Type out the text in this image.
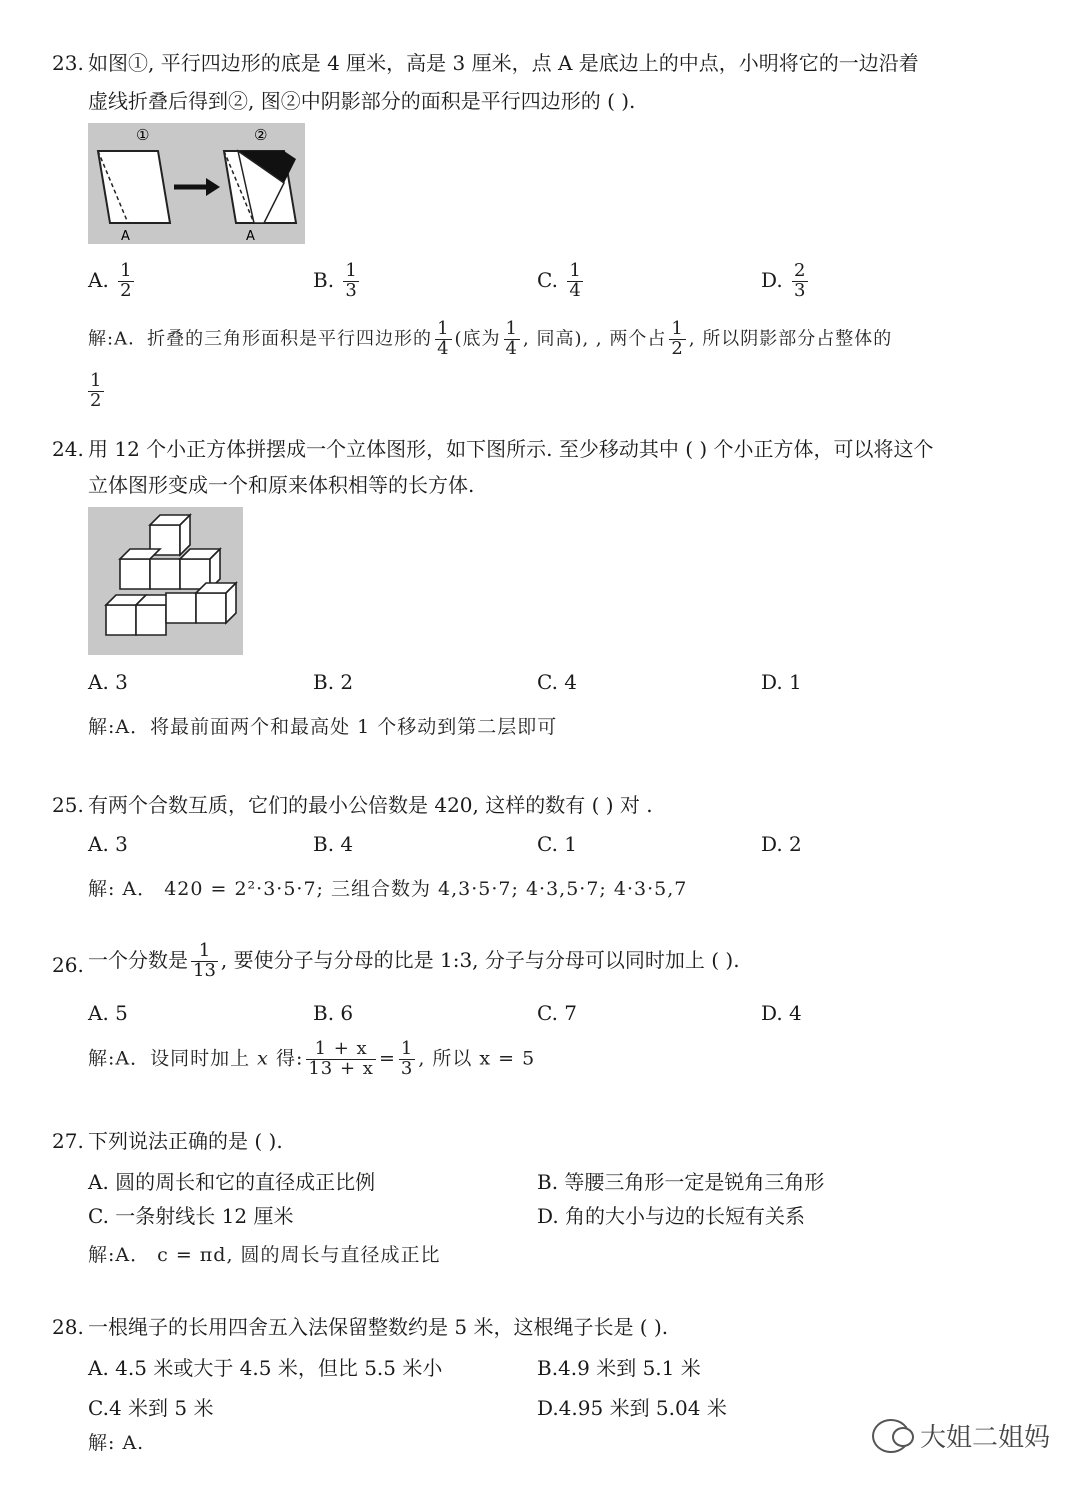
23. 如图①, 平行四边形的底是 4 厘米，高是 3 厘米，点 A 是底边上的中点，小明将它的一边沿着
虚线折叠后得到②, 图②中阴影部分的面积是平行四边形的 ( ).
①
A
②
A
A. $\frac{1}{2}$	B. $\frac{1}{3}$	C. $\frac{1}{4}$	D. $\frac{2}{3}$
解:A．折叠的三角形面积是平行四边形的 $\frac{1}{4}$ (底为 $\frac{1}{4}$ , 同高), , 两个占 $\frac{1}{2}$ , 所以阴影部分占整体的
$\frac{1}{2}$
24. 用 12 个小正方体拼摆成一个立体图形，如下图所示. 至少移动其中 ( ) 个小正方体，可以将这个
立体图形变成一个和原来体积相等的长方体.
A. 3	B. 2	C. 4	D. 1
解:A．将最前面两个和最高处 1 个移动到第二层即可
25. 有两个合数互质，它们的最小公倍数是 420, 这样的数有 ( ) 对 .
A. 3	B. 4	C. 1	D. 2
解: A． 420 = 2²·3·5·7; 三组合数为 4,3·5·7; 4·3,5·7; 4·3·5,7
26. 一个分数是 $\frac{1}{13}$ , 要使分子与分母的比是 1:3, 分子与分母可以同时加上 ( ).
A. 5	B. 6	C. 7	D. 4
解:A．设同时加上 x 得: $\frac{1 + x}{13 + x} = \frac{1}{3}$ , 所以 x = 5
27. 下列说法正确的是 ( ).
A. 圆的周长和它的直径成正比例	B. 等腰三角形一定是锐角三角形
C. 一条射线长 12 厘米	D. 角的大小与边的长短有关系
解:A． c = πd, 圆的周长与直径成正比
28. 一根绳子的长用四舍五入法保留整数约是 5 米，这根绳子长是 ( ).
A. 4.5 米或大于 4.5 米，但比 5.5 米小	B.4.9 米到 5.1 米
C.4 米到 5 米	D.4.95 米到 5.04 米
解: A.	大姐二姐妈
